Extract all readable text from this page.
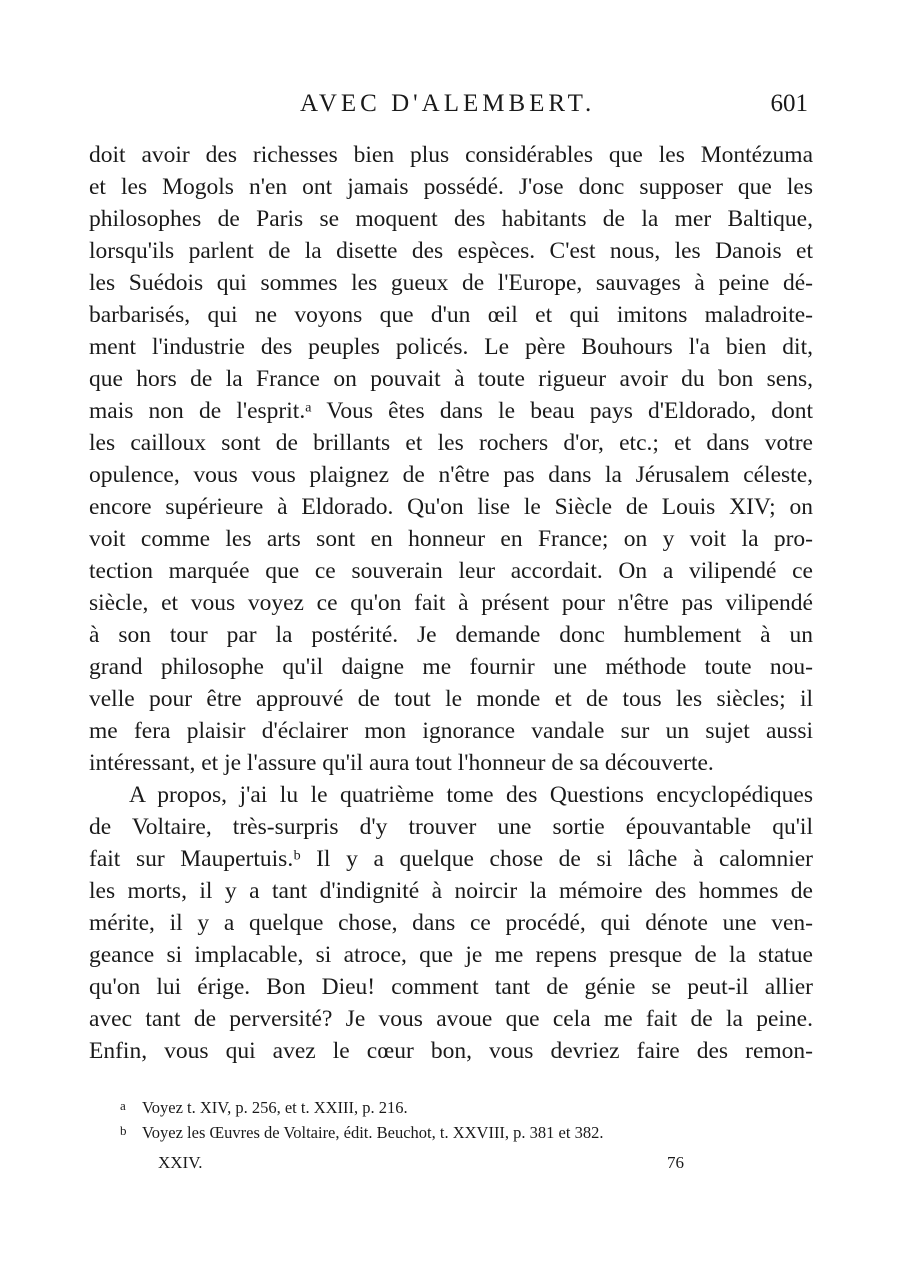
AVEC D'ALEMBERT.	601
doit avoir des richesses bien plus considérables que les Montézuma
et les Mogols n'en ont jamais possédé. J'ose donc supposer que les
philosophes de Paris se moquent des habitants de la mer Baltique,
lorsqu'ils parlent de la disette des espèces. C'est nous, les Danois et
les Suédois qui sommes les gueux de l'Europe, sauvages à peine dé-
barbarisés, qui ne voyons que d'un œil et qui imitons maladroite-
ment l'industrie des peuples policés. Le père Bouhours l'a bien dit,
que hors de la France on pouvait à toute rigueur avoir du bon sens,
mais non de l'esprit.ᵃ Vous êtes dans le beau pays d'Eldorado, dont
les cailloux sont de brillants et les rochers d'or, etc.; et dans votre
opulence, vous vous plaignez de n'être pas dans la Jérusalem céleste,
encore supérieure à Eldorado. Qu'on lise le Siècle de Louis XIV; on
voit comme les arts sont en honneur en France; on y voit la pro-
tection marquée que ce souverain leur accordait. On a vilipendé ce
siècle, et vous voyez ce qu'on fait à présent pour n'être pas vilipendé
à son tour par la postérité. Je demande donc humblement à un
grand philosophe qu'il daigne me fournir une méthode toute nou-
velle pour être approuvé de tout le monde et de tous les siècles; il
me fera plaisir d'éclairer mon ignorance vandale sur un sujet aussi
intéressant, et je l'assure qu'il aura tout l'honneur de sa découverte.
A propos, j'ai lu le quatrième tome des Questions encyclopédiques
de Voltaire, très-surpris d'y trouver une sortie épouvantable qu'il
fait sur Maupertuis.ᵇ Il y a quelque chose de si lâche à calomnier
les morts, il y a tant d'indignité à noircir la mémoire des hommes de
mérite, il y a quelque chose, dans ce procédé, qui dénote une ven-
geance si implacable, si atroce, que je me repens presque de la statue
qu'on lui érige. Bon Dieu! comment tant de génie se peut-il allier
avec tant de perversité? Je vous avoue que cela me fait de la peine.
Enfin, vous qui avez le cœur bon, vous devriez faire des remon-
a Voyez t. XIV, p. 256, et t. XXIII, p. 216.
b Voyez les Œuvres de Voltaire, édit. Beuchot, t. XXVIII, p. 381 et 382.
XXIV.	76
